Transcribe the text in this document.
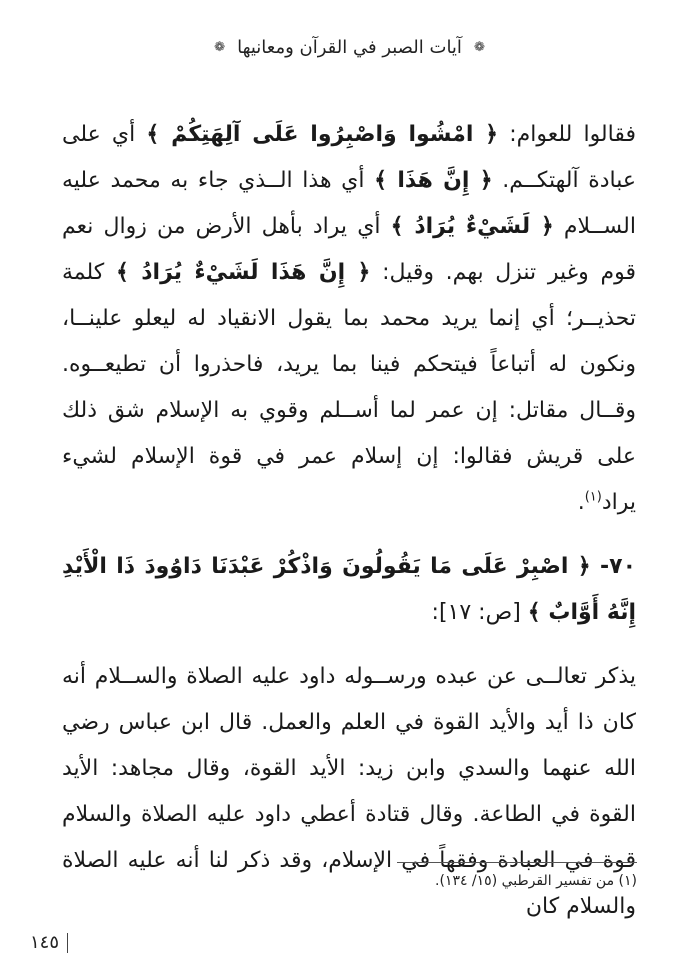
❁
آيات الصبر في القرآن ومعانيها
❁

فقالوا للعوام: ﴿ امْشُوا وَاصْبِرُوا عَلَى آلِهَتِكُمْ ﴾ أي على عبادة آلهتكــم. ﴿ إِنَّ هَذَا ﴾ أي هذا الــذي جاء به محمد عليه الســلام ﴿ لَشَيْءٌ يُرَادُ ﴾ أي يراد بأهل الأرض من زوال نعم قوم وغير تنزل بهم. وقيل: ﴿ إِنَّ هَذَا لَشَيْءٌ يُرَادُ ﴾ كلمة تحذيــر؛ أي إنما يريد محمد بما يقول الانقياد له ليعلو علينــا، ونكون له أتباعاً فيتحكم فينا بما يريد، فاحذروا أن تطيعــوه. وقــال مقاتل: إن عمر لما أســلم وقوي به الإسلام شق ذلك على قريش فقالوا: إن إسلام عمر في قوة الإسلام لشيء يراد$^{(١)}$.

٧٠- ﴿ اصْبِرْ عَلَى مَا يَقُولُونَ وَاذْكُرْ عَبْدَنَا دَاوُودَ ذَا الْأَيْدِ إِنَّهُ أَوَّابٌ ﴾ [ص: ١٧]:

يذكر تعالــى عن عبده ورســوله داود عليه الصلاة والســلام أنه كان ذا أيد والأيد القوة في العلم والعمل. قال ابن عباس رضي الله عنهما والسدي وابن زيد: الأيد القوة، وقال مجاهد: الأيد القوة في الطاعة. وقال قتادة أعطي داود عليه الصلاة والسلام قوة في العبادة وفقهاً في الإسلام، وقد ذكر لنا أنه عليه الصلاة والسلام كان

(١) من تفسير القرطبي (١٥/ ١٣٤).
١٤٥
